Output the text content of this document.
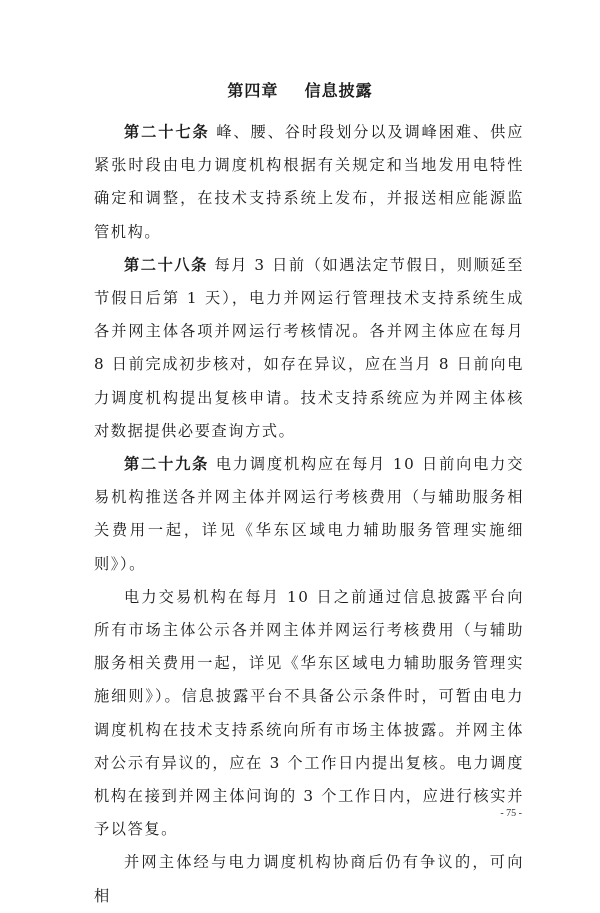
第四章    信息披露

第二十七条 峰、腰、谷时段划分以及调峰困难、供应紧张时段由电力调度机构根据有关规定和当地发用电特性确定和调整，在技术支持系统上发布，并报送相应能源监管机构。

第二十八条 每月 3 日前（如遇法定节假日，则顺延至节假日后第 1 天），电力并网运行管理技术支持系统生成各并网主体各项并网运行考核情况。各并网主体应在每月 8 日前完成初步核对，如存在异议，应在当月 8 日前向电力调度机构提出复核申请。技术支持系统应为并网主体核对数据提供必要查询方式。

第二十九条 电力调度机构应在每月 10 日前向电力交易机构推送各并网主体并网运行考核费用（与辅助服务相关费用一起，详见《华东区域电力辅助服务管理实施细则》）。

电力交易机构在每月 10 日之前通过信息披露平台向所有市场主体公示各并网主体并网运行考核费用（与辅助服务相关费用一起，详见《华东区域电力辅助服务管理实施细则》）。信息披露平台不具备公示条件时，可暂由电力调度机构在技术支持系统向所有市场主体披露。并网主体对公示有异议的，应在 3 个工作日内提出复核。电力调度机构在接到并网主体问询的 3 个工作日内，应进行核实并予以答复。

并网主体经与电力调度机构协商后仍有争议的，可向相

- 75 -
